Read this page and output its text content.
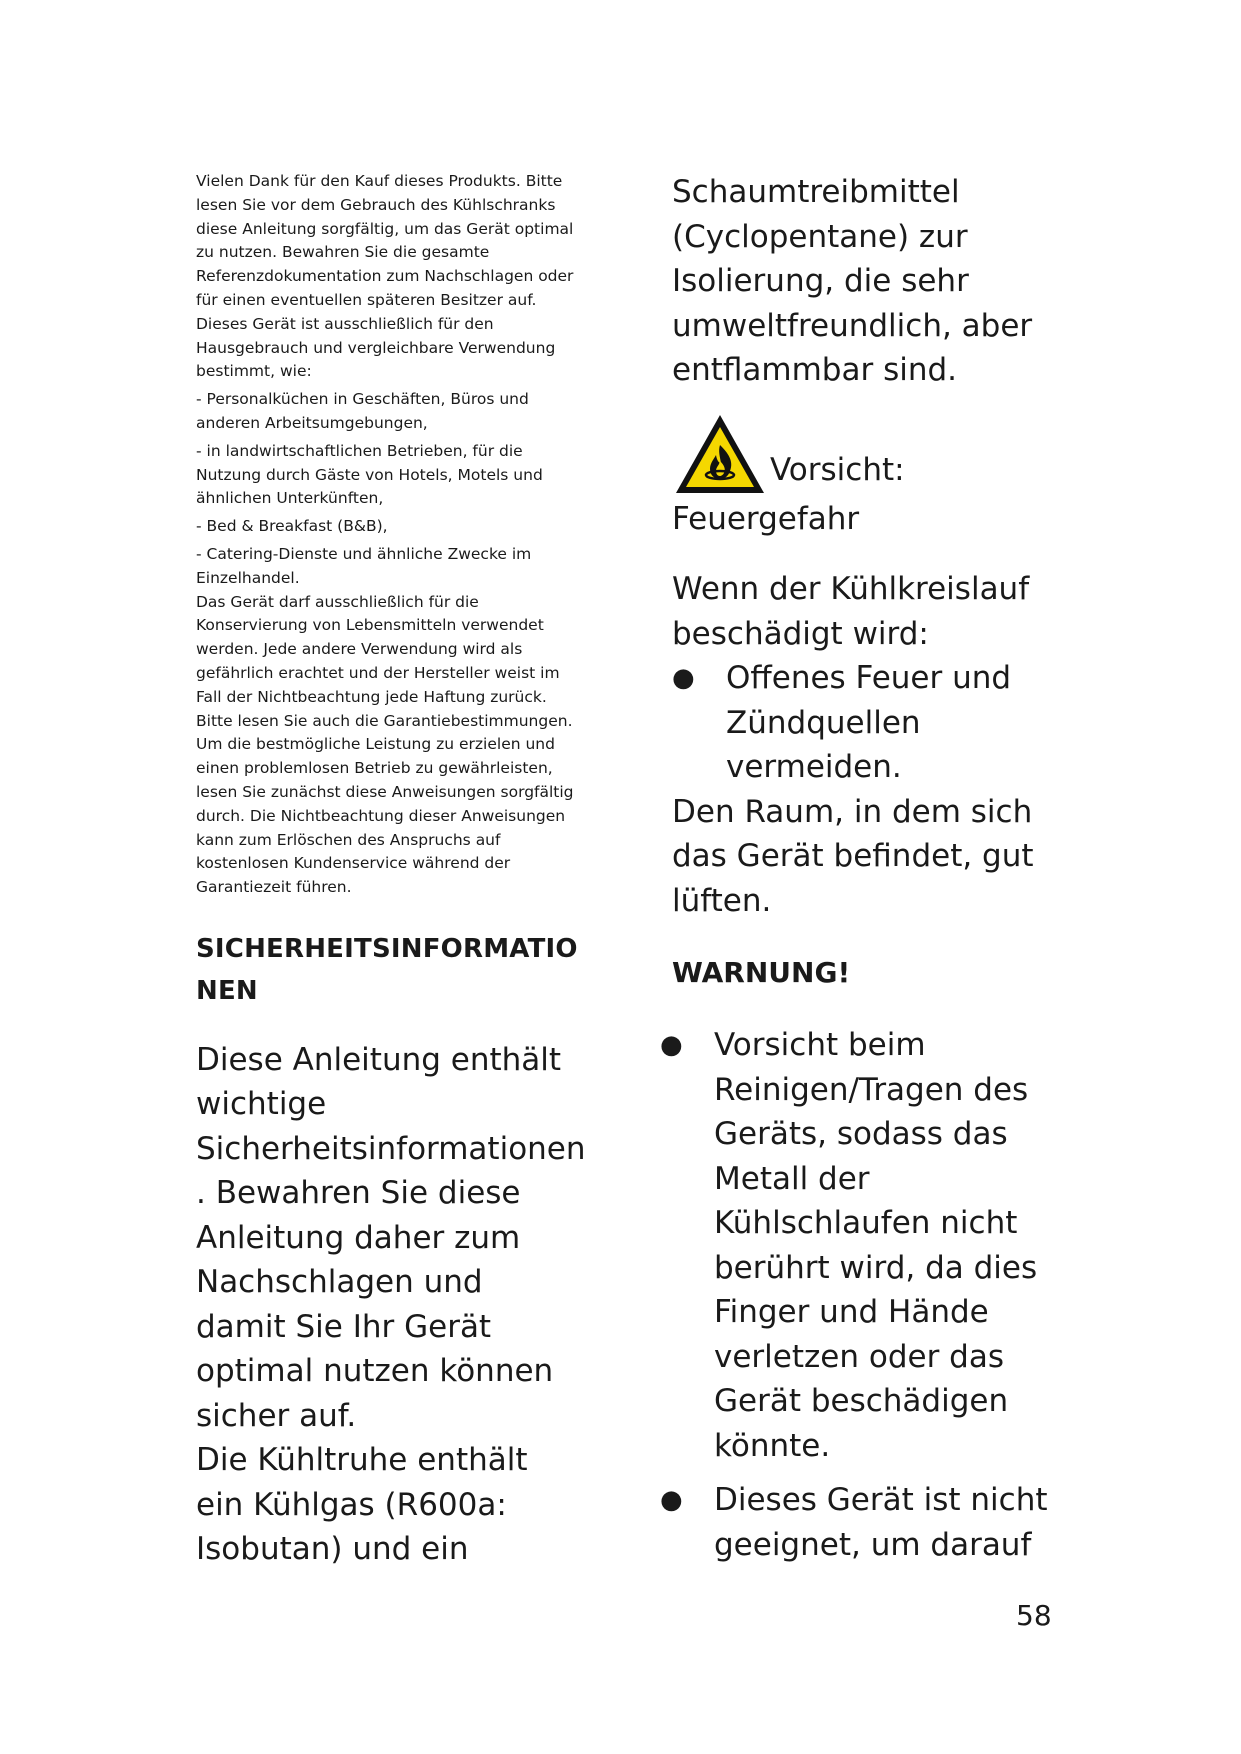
Vielen Dank für den Kauf dieses Produkts. Bitte lesen Sie vor dem Gebrauch des Kühlschranks diese Anleitung sorgfältig, um das Gerät optimal zu nutzen. Bewahren Sie die gesamte Referenzdokumentation zum Nachschlagen oder für einen eventuellen späteren Besitzer auf. Dieses Gerät ist ausschließlich für den Hausgebrauch und vergleichbare Verwendung bestimmt, wie:

- Personalküchen in Geschäften, Büros und anderen Arbeitsumgebungen,

- in landwirtschaftlichen Betrieben, für die Nutzung durch Gäste von Hotels, Motels und ähnlichen Unterkünften,

- Bed & Breakfast (B&B),

- Catering-Dienste und ähnliche Zwecke im Einzelhandel.

Das Gerät darf ausschließlich für die Konservierung von Lebensmitteln verwendet werden. Jede andere Verwendung wird als gefährlich erachtet und der Hersteller weist im Fall der Nichtbeachtung jede Haftung zurück. Bitte lesen Sie auch die Garantiebestimmungen. Um die bestmögliche Leistung zu erzielen und einen problemlosen Betrieb zu gewährleisten, lesen Sie zunächst diese Anweisungen sorgfältig durch. Die Nichtbeachtung dieser Anweisungen kann zum Erlöschen des Anspruchs auf kostenlosen Kundenservice während der Garantiezeit führen.

SICHERHEITSINFORMATIO
NEN

Diese Anleitung enthält wichtige Sicherheitsinformationen . Bewahren Sie diese Anleitung daher zum Nachschlagen und damit Sie Ihr Gerät optimal nutzen können sicher auf.

Die Kühltruhe enthält ein Kühlgas (R600a: Isobutan) und ein

Schaumtreibmittel (Cyclopentane) zur Isolierung, die sehr umweltfreundlich, aber entflammbar sind.

Vorsicht:

Feuergefahr

Wenn der Kühlkreislauf beschädigt wird:

●	Offenes Feuer und Zündquellen vermeiden.

Den Raum, in dem sich das Gerät befindet, gut lüften.

WARNUNG!
● Vorsicht beim Reinigen/Tragen des Geräts, sodass das Metall der Kühlschlaufen nicht berührt wird, da dies Finger und Hände verletzen oder das Gerät beschädigen könnte.
● Dieses Gerät ist nicht geeignet, um darauf
58
